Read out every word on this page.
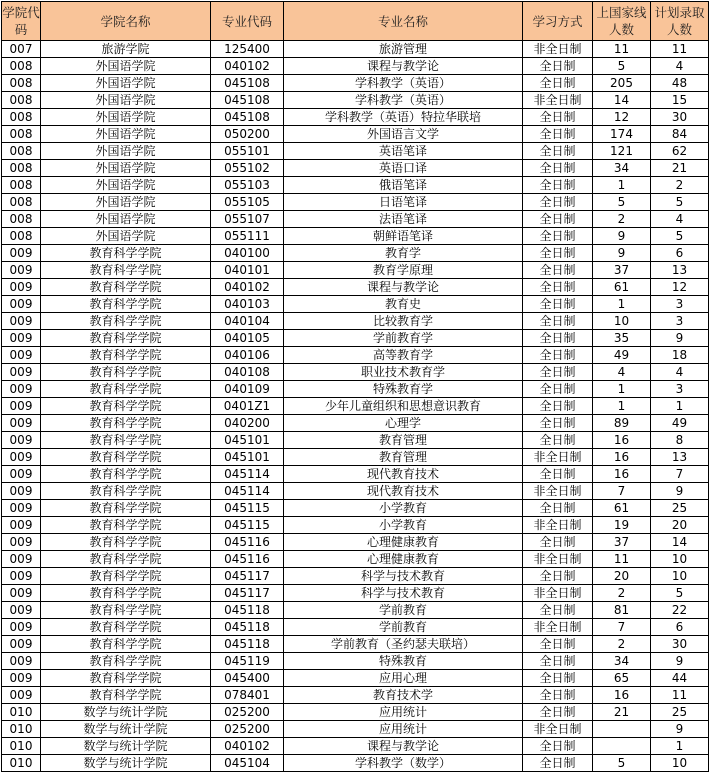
学院代码	学院名称	专业代码	专业名称	学习方式	上国家线人数	计划录取人数
007	旅游学院	125400	旅游管理	非全日制	11	11
008	外国语学院	040102	课程与教学论	全日制	5	4
008	外国语学院	045108	学科教学（英语）	全日制	205	48
008	外国语学院	045108	学科教学（英语）	非全日制	14	15
008	外国语学院	045108	学科教学（英语）特拉华联培	全日制	12	30
008	外国语学院	050200	外国语言文学	全日制	174	84
008	外国语学院	055101	英语笔译	全日制	121	62
008	外国语学院	055102	英语口译	全日制	34	21
008	外国语学院	055103	俄语笔译	全日制	1	2
008	外国语学院	055105	日语笔译	全日制	5	5
008	外国语学院	055107	法语笔译	全日制	2	4
008	外国语学院	055111	朝鲜语笔译	全日制	9	5
009	教育科学学院	040100	教育学	全日制	9	6
009	教育科学学院	040101	教育学原理	全日制	37	13
009	教育科学学院	040102	课程与教学论	全日制	61	12
009	教育科学学院	040103	教育史	全日制	1	3
009	教育科学学院	040104	比较教育学	全日制	10	3
009	教育科学学院	040105	学前教育学	全日制	35	9
009	教育科学学院	040106	高等教育学	全日制	49	18
009	教育科学学院	040108	职业技术教育学	全日制	4	4
009	教育科学学院	040109	特殊教育学	全日制	1	3
009	教育科学学院	0401Z1	少年儿童组织和思想意识教育	全日制	1	1
009	教育科学学院	040200	心理学	全日制	89	49
009	教育科学学院	045101	教育管理	全日制	16	8
009	教育科学学院	045101	教育管理	非全日制	16	13
009	教育科学学院	045114	现代教育技术	全日制	16	7
009	教育科学学院	045114	现代教育技术	非全日制	7	9
009	教育科学学院	045115	小学教育	全日制	61	25
009	教育科学学院	045115	小学教育	非全日制	19	20
009	教育科学学院	045116	心理健康教育	全日制	37	14
009	教育科学学院	045116	心理健康教育	非全日制	11	10
009	教育科学学院	045117	科学与技术教育	全日制	20	10
009	教育科学学院	045117	科学与技术教育	非全日制	2	5
009	教育科学学院	045118	学前教育	全日制	81	22
009	教育科学学院	045118	学前教育	非全日制	7	6
009	教育科学学院	045118	学前教育（圣约瑟夫联培）	全日制	2	30
009	教育科学学院	045119	特殊教育	全日制	34	9
009	教育科学学院	045400	应用心理	全日制	65	44
009	教育科学学院	078401	教育技术学	全日制	16	11
010	数学与统计学院	025200	应用统计	全日制	21	25
010	数学与统计学院	025200	应用统计	非全日制		9
010	数学与统计学院	040102	课程与教学论	全日制		1
010	数学与统计学院	045104	学科教学（数学）	全日制	5	10
